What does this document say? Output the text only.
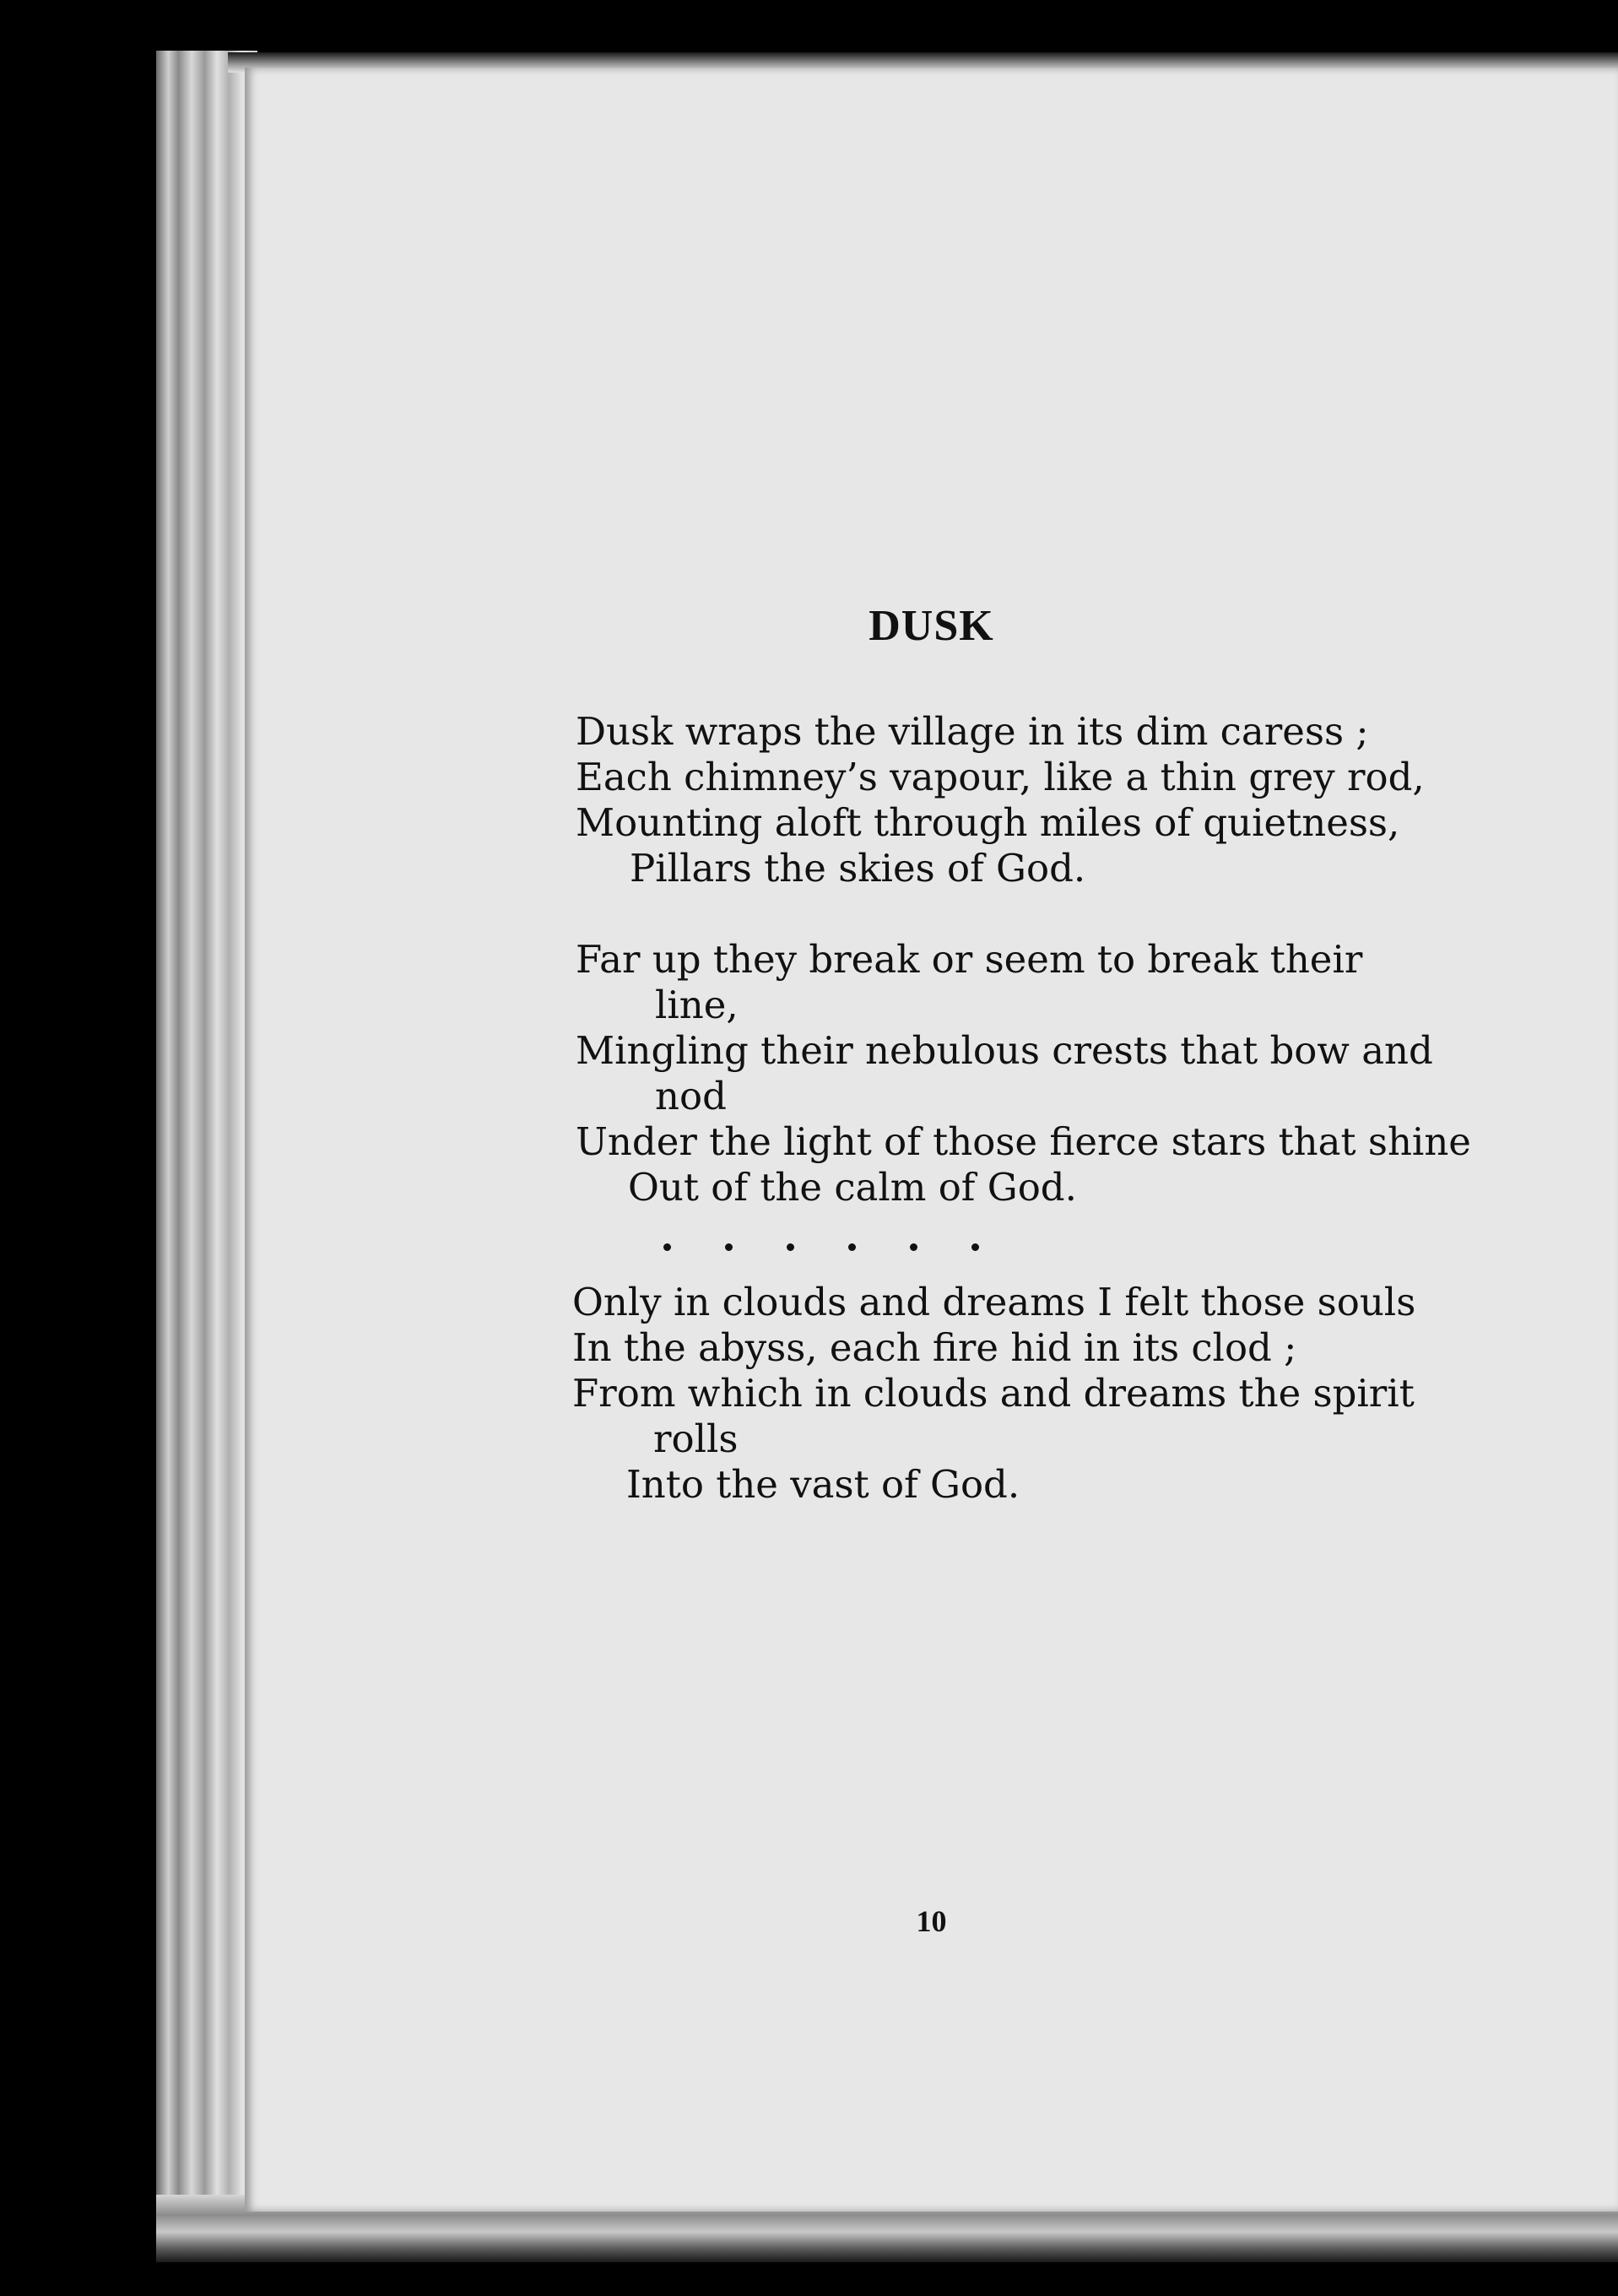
DUSK

Dusk wraps the village in its dim caress ;

Each chimney’s vapour, like a thin grey rod,

Mounting aloft through miles of quietness,

Pillars the skies of God.

Far up they break or seem to break their

line,

Mingling their nebulous crests that bow and

nod

Under the light of those fierce stars that shine

Out of the calm of God.

Only in clouds and dreams I felt those souls

In the abyss, each fire hid in its clod ;

From which in clouds and dreams the spirit

rolls

Into the vast of God.

10
